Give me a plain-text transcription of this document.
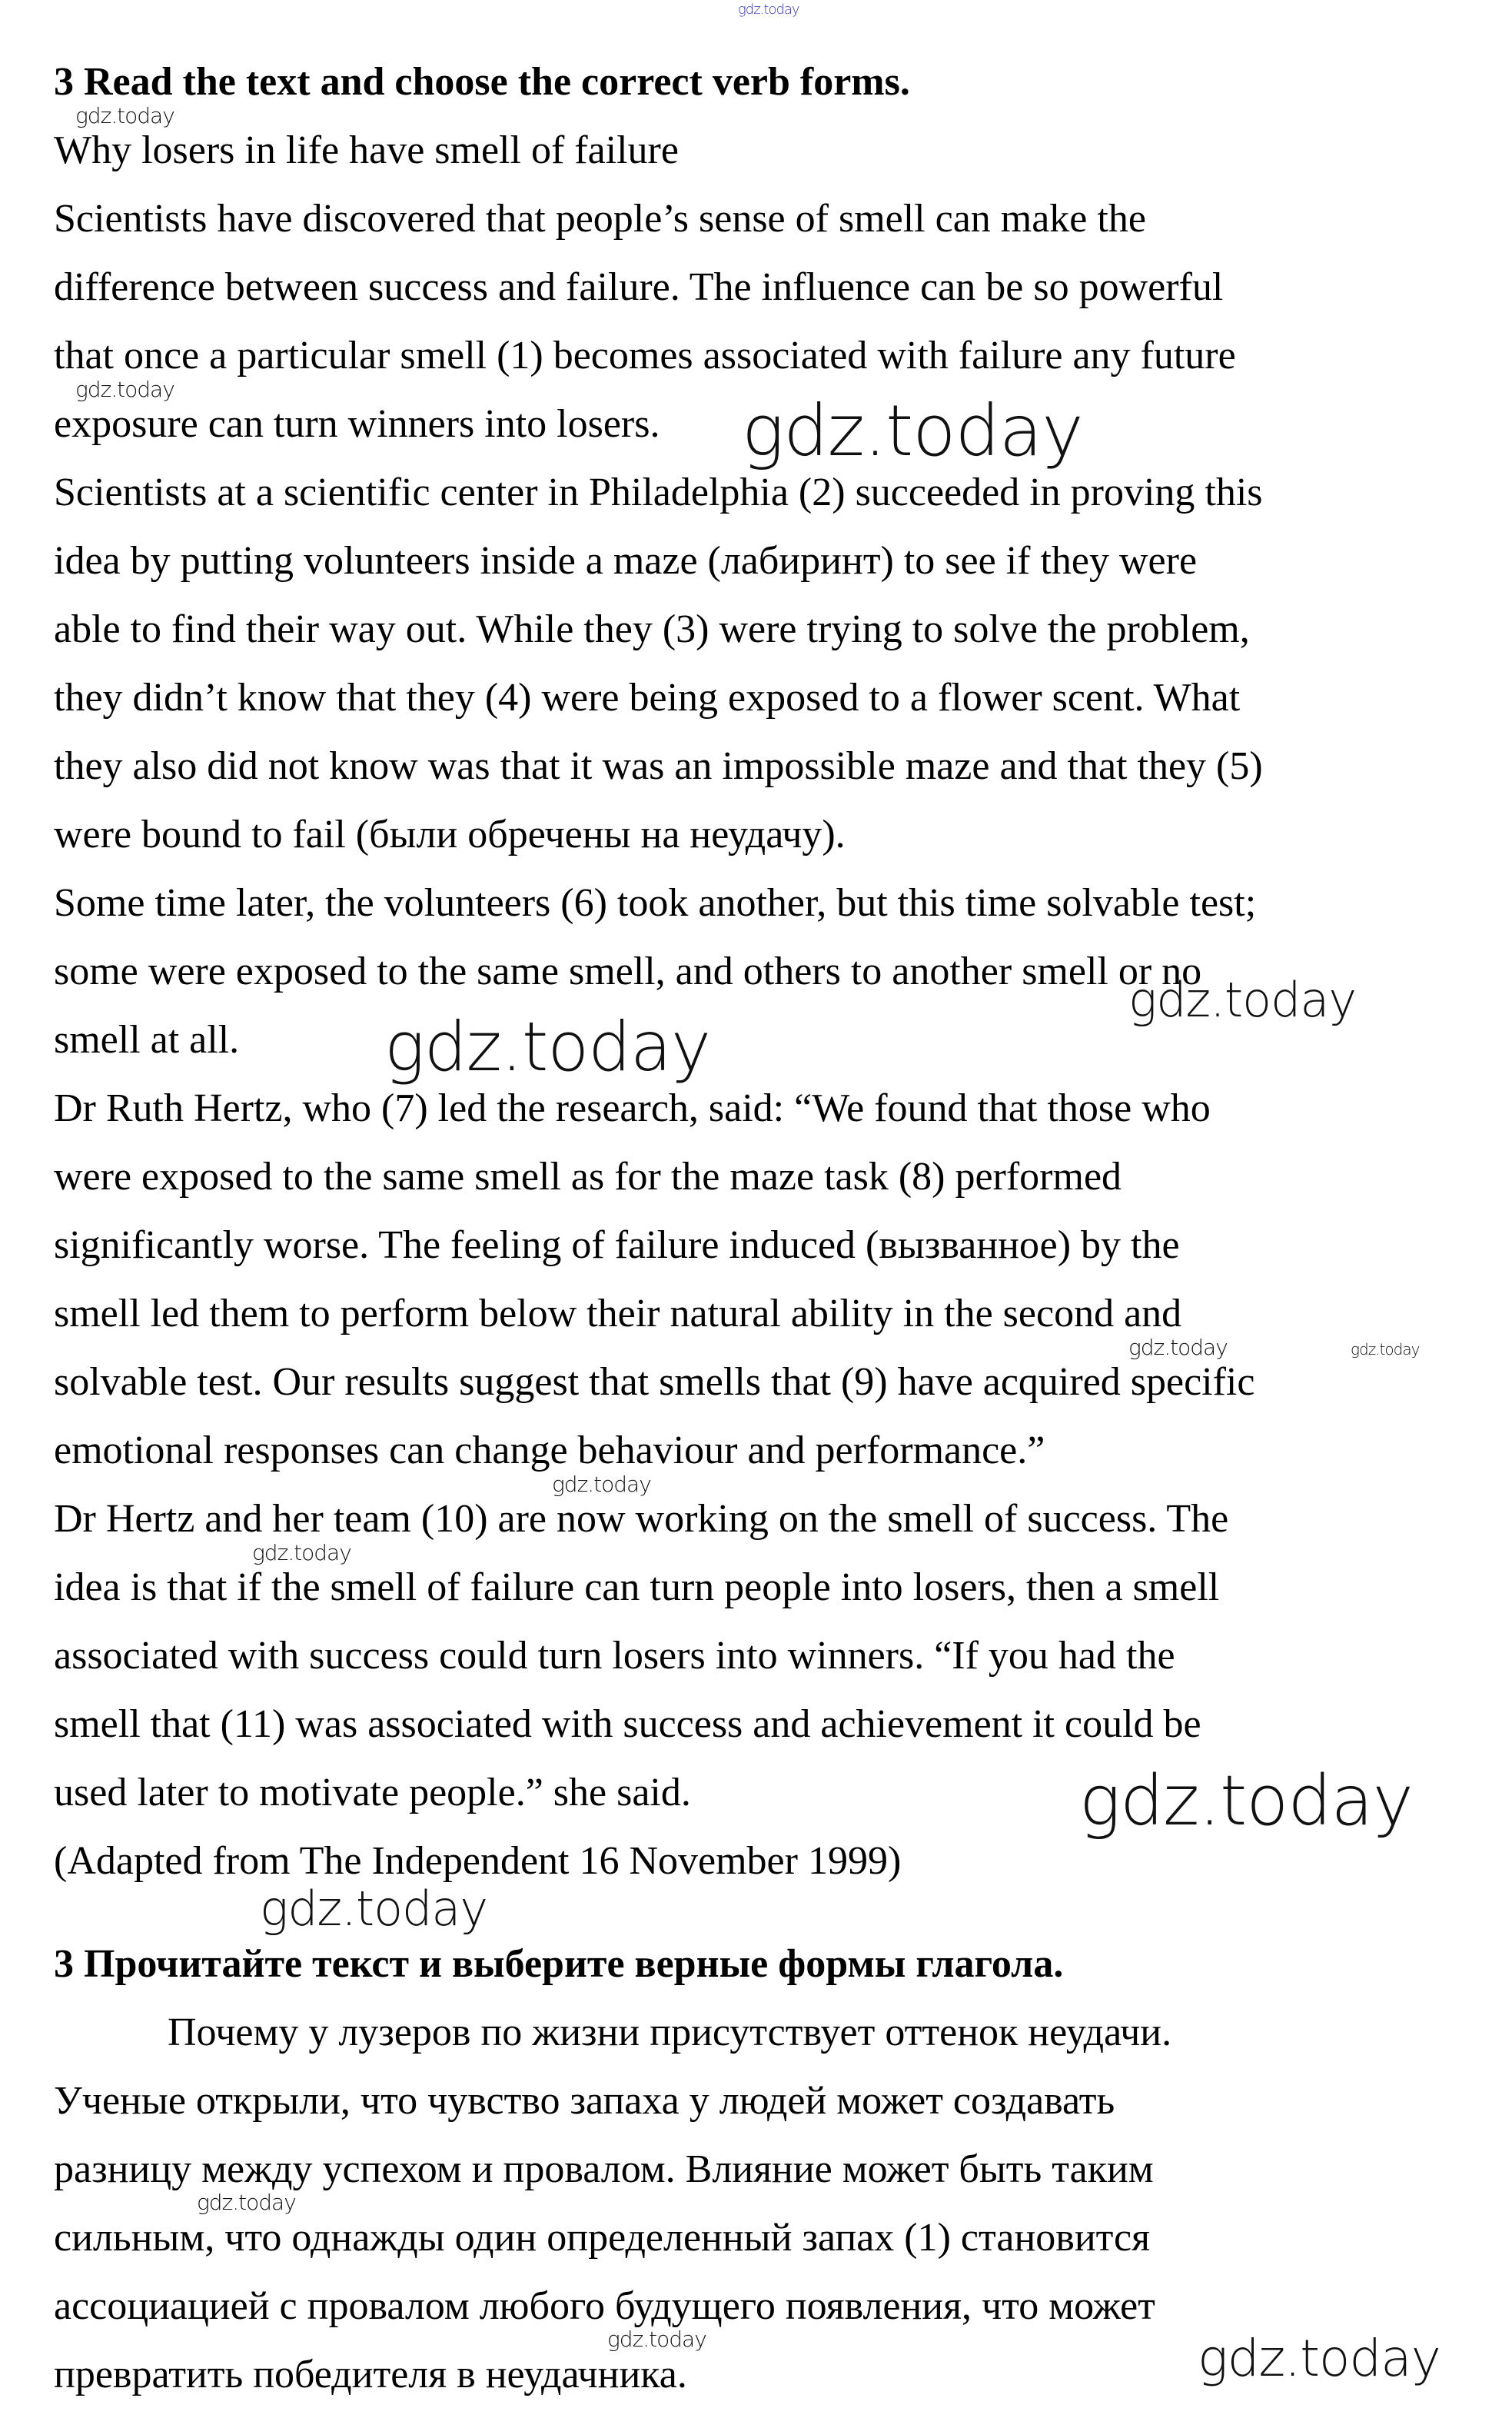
3 Read the text and choose the correct verb forms.
Why losers in life have smell of failure
Scientists have discovered that people’s sense of smell can make the
difference between success and failure. The influence can be so powerful
that once a particular smell (1) becomes associated with failure any future
exposure can turn winners into losers.
Scientists at a scientific center in Philadelphia (2) succeeded in proving this
idea by putting volunteers inside a maze (лабиринт) to see if they were
able to find their way out. While they (3) were trying to solve the problem,
they didn’t know that they (4) were being exposed to a flower scent. What
they also did not know was that it was an impossible maze and that they (5)
were bound to fail (были обречены на неудачу).
Some time later, the volunteers (6) took another, but this time solvable test;
some were exposed to the same smell, and others to another smell or no
smell at all.
Dr Ruth Hertz, who (7) led the research, said: “We found that those who
were exposed to the same smell as for the maze task (8) performed
significantly worse. The feeling of failure induced (вызванное) by the
smell led them to perform below their natural ability in the second and
solvable test. Our results suggest that smells that (9) have acquired specific
emotional responses can change behaviour and performance.”
Dr Hertz and her team (10) are now working on the smell of success. The
idea is that if the smell of failure can turn people into losers, then a smell
associated with success could turn losers into winners. “If you had the
smell that (11) was associated with success and achievement it could be
used later to motivate people.” she said.
(Adapted from The Independent 16 November 1999)
3 Прочитайте текст и выберите верные формы глагола.
Почему у лузеров по жизни присутствует оттенок неудачи.
Ученые открыли, что чувство запаха у людей может создавать
разницу между успехом и провалом. Влияние может быть таким
сильным, что однажды один определенный запах (1) становится
ассоциацией с провалом любого будущего появления, что может
превратить победителя в неудачника.
gdz.today
gdz.today
gdz.today
gdz.today
gdz.today
gdz.today
gdz.today
gdz.today
gdz.today
gdz.today
gdz.today
gdz.today
gdz.today
gdz.today	gdz.today
